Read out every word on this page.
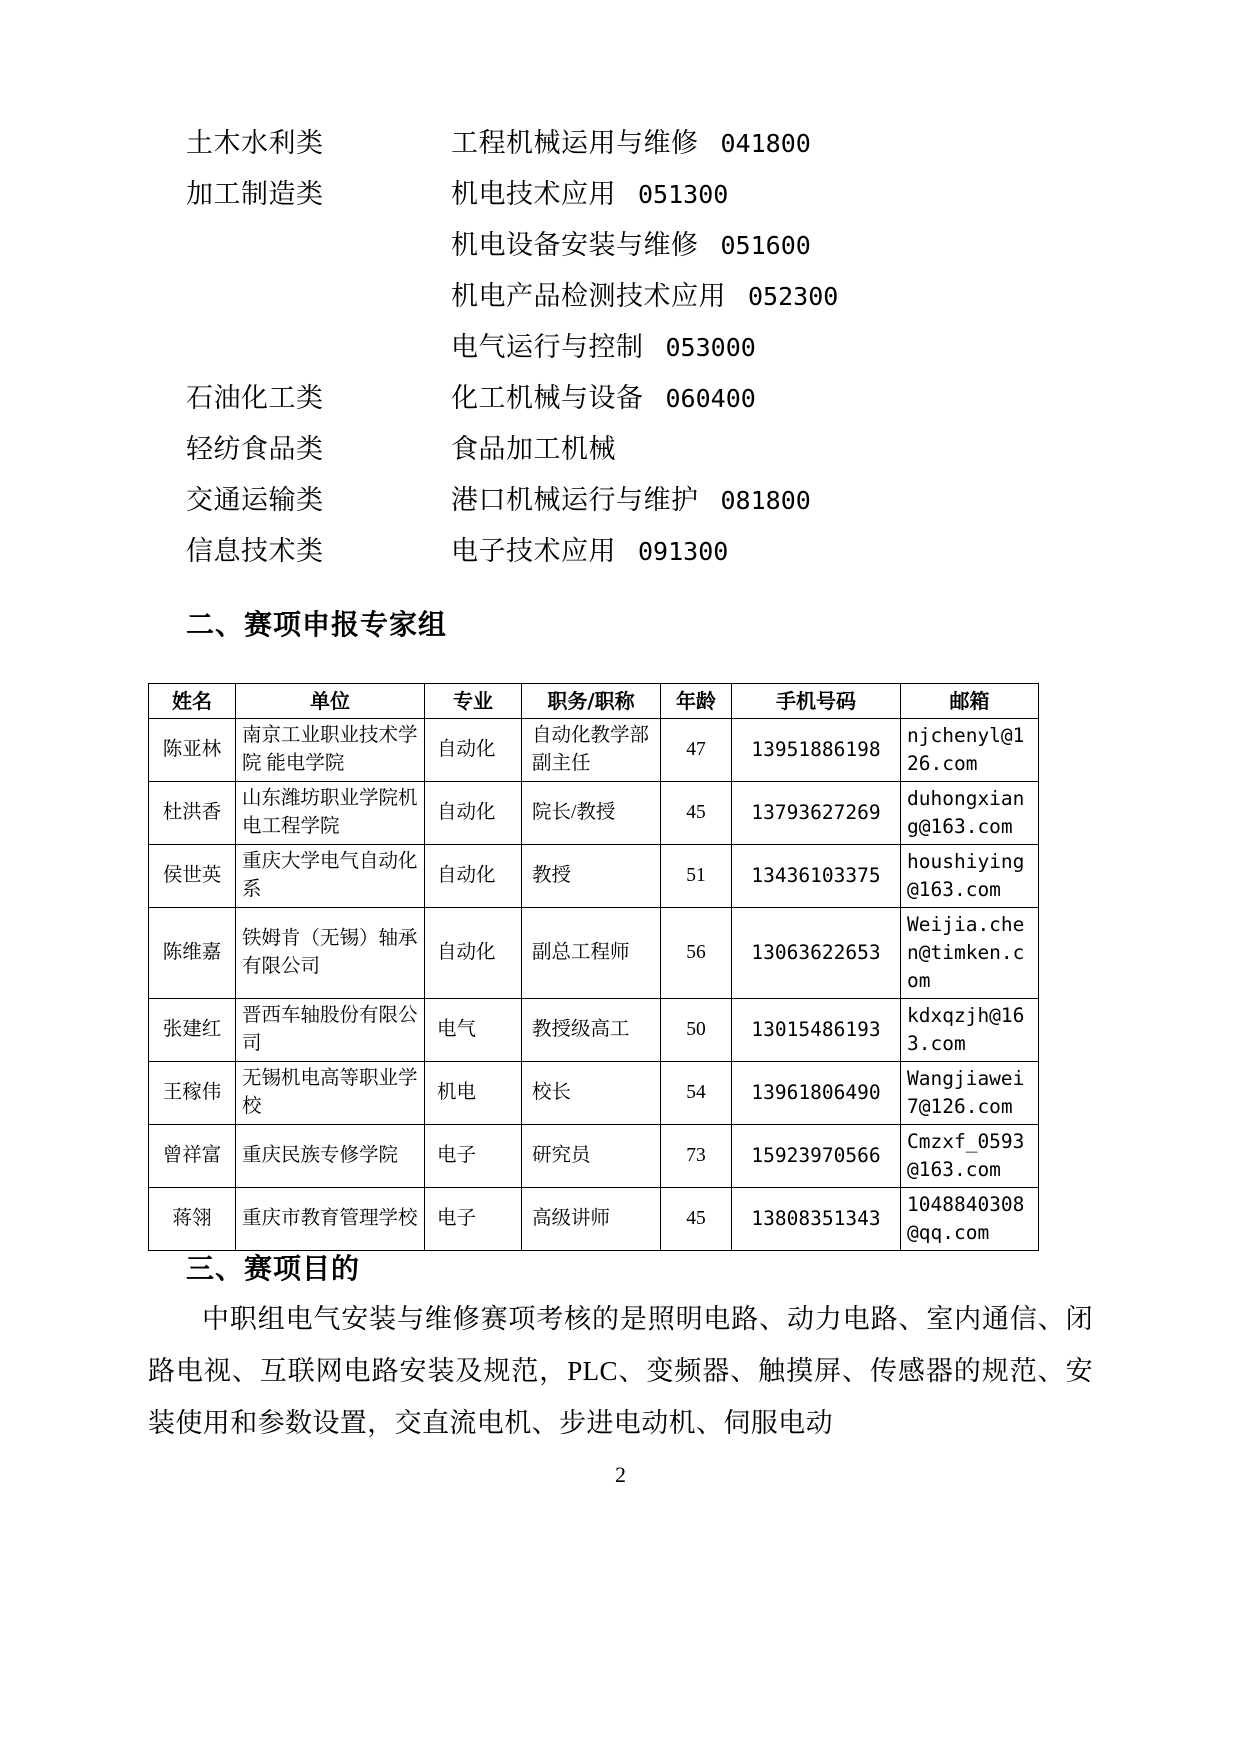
土木水利类	工程机械运用与维修 041800
加工制造类	机电技术应用 051300
机电设备安装与维修 051600
机电产品检测技术应用 052300
电气运行与控制 053000
石油化工类	化工机械与设备 060400
轻纺食品类	食品加工机械
交通运输类	港口机械运行与维护 081800
信息技术类	电子技术应用 091300
二、赛项申报专家组
姓名	单位	专业	职务/职称	年龄	手机号码	邮箱
陈亚林	南京工业职业技术学院 能电学院	自动化	自动化教学部副主任	47	13951886198	njchenyl@126.com
杜洪香	山东潍坊职业学院机电工程学院	自动化	院长/教授	45	13793627269	duhongxiang@163.com
侯世英	重庆大学电气自动化系	自动化	教授	51	13436103375	houshiying@163.com
陈维嘉	铁姆肯（无锡）轴承有限公司	自动化	副总工程师	56	13063622653	Weijia.chen@timken.com
张建红	晋西车轴股份有限公司	电气	教授级高工	50	13015486193	kdxqzjh@163.com
王稼伟	无锡机电高等职业学校	机电	校长	54	13961806490	Wangjiawei7@126.com
曾祥富	重庆民族专修学院	电子	研究员	73	15923970566	Cmzxf_0593@163.com
蒋翎	重庆市教育管理学校	电子	高级讲师	45	13808351343	1048840308@qq.com
三、赛项目的
中职组电气安装与维修赛项考核的是照明电路、动力电路、室内通信、闭路电视、互联网电路安装及规范，PLC、变频器、触摸屏、传感器的规范、安装使用和参数设置，交直流电机、步进电动机、伺服电动
2
